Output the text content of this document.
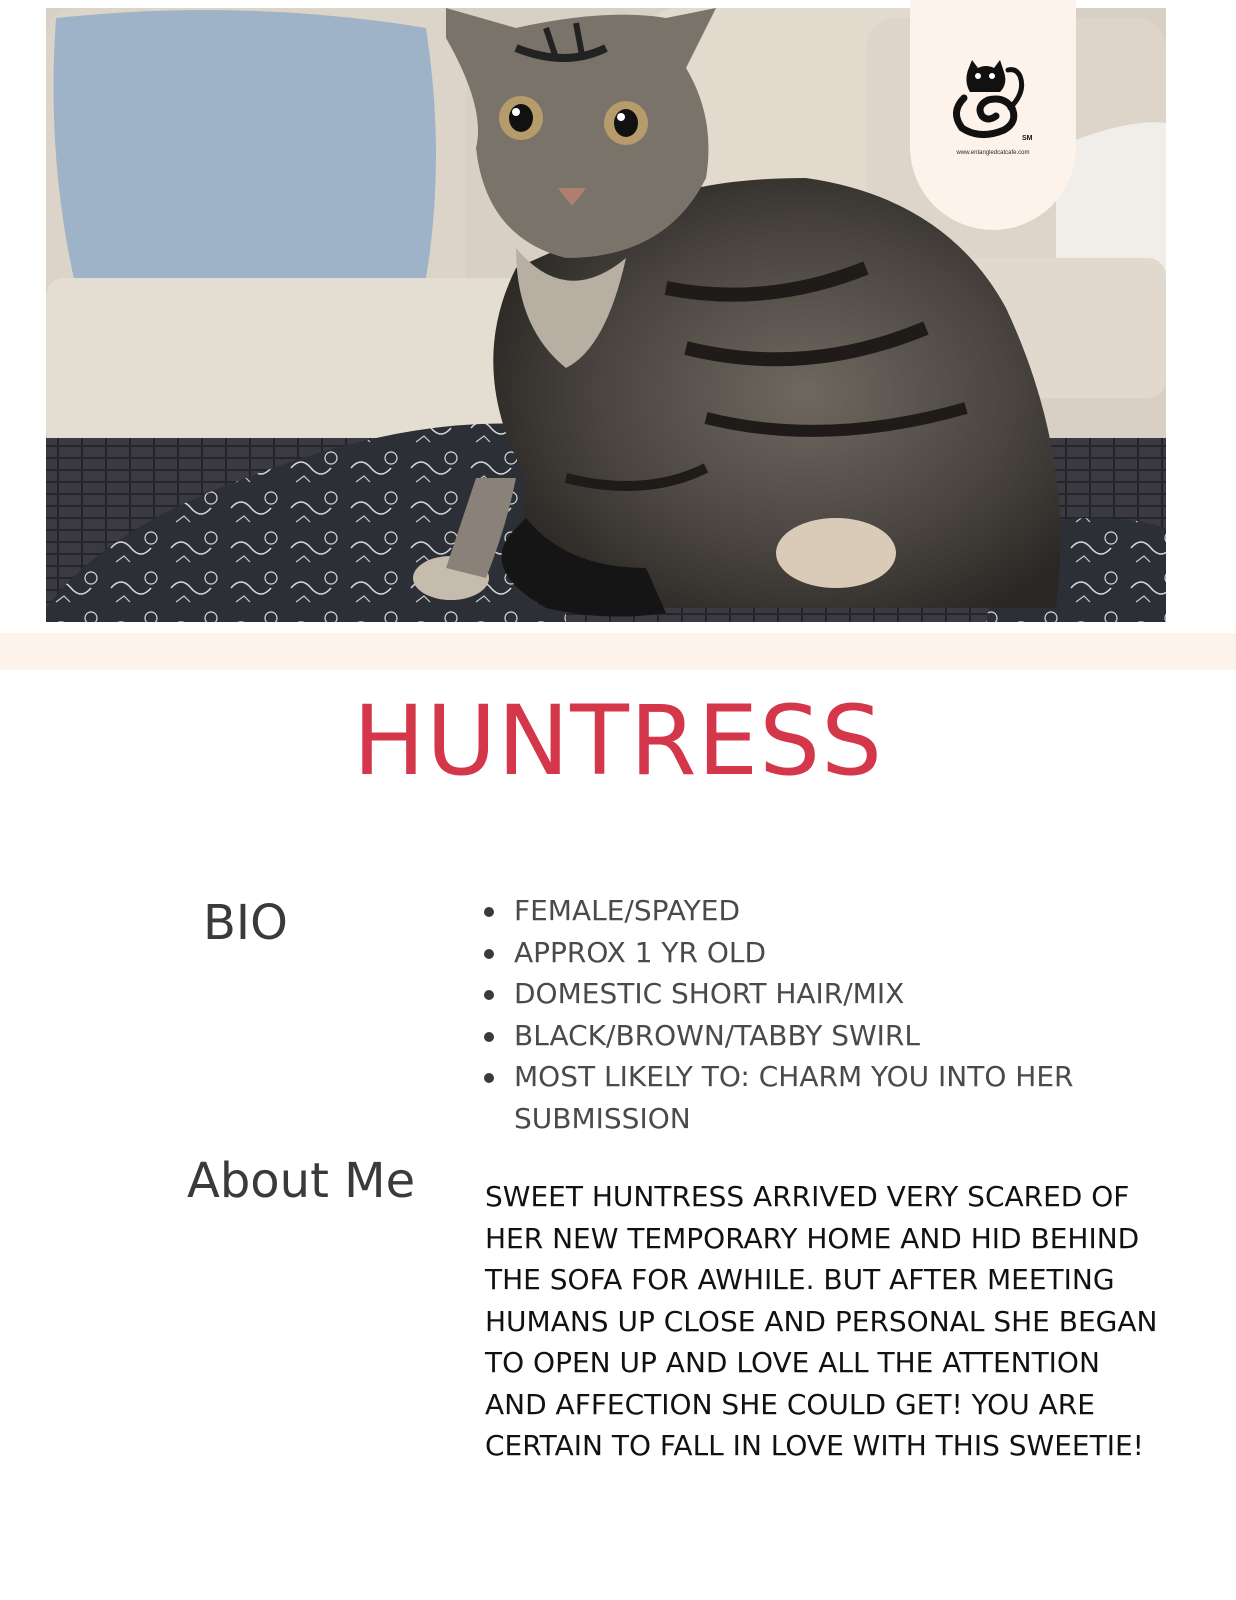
SM
www.entangledcatcafe.com
HUNTRESS
BIO	FEMALE/SPAYED
APPROX 1 YR OLD
DOMESTIC SHORT HAIR/MIX
BLACK/BROWN/TABBY SWIRL
MOST LIKELY TO: CHARM YOU INTO HER SUBMISSION
About Me SWEET HUNTRESS ARRIVED VERY SCARED OF HER NEW TEMPORARY HOME AND HID BEHIND THE SOFA FOR AWHILE. BUT AFTER MEETING HUMANS UP CLOSE AND PERSONAL SHE BEGAN TO OPEN UP AND LOVE ALL THE ATTENTION AND AFFECTION SHE COULD GET! YOU ARE CERTAIN TO FALL IN LOVE WITH THIS SWEETIE!
